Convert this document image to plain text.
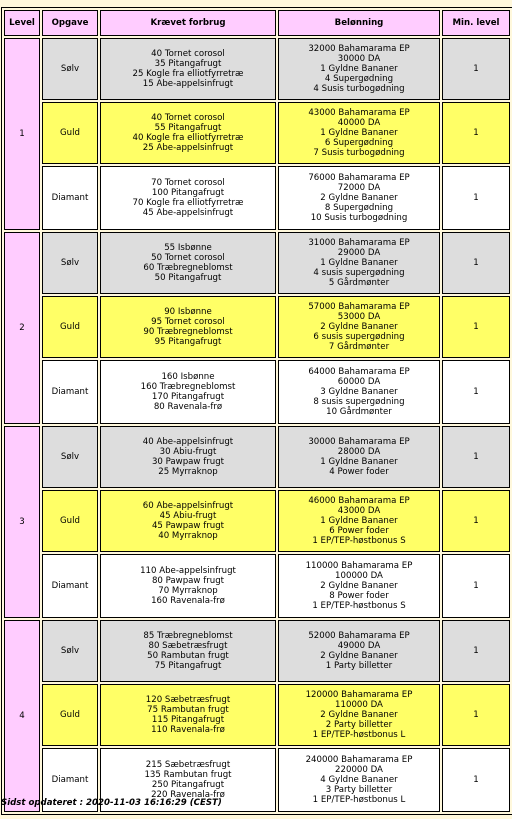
Level	Opgave	Krævet forbrug	Belønning	Min. level
1	Sølv	40 Tornet corosol
35 Pitangafrugt
25 Kogle fra elliotfyrretræ
15 Abe-appelsinfrugt	32000 Bahamarama EP
30000 DA
1 Gyldne Bananer
4 Supergødning
4 Susis turbogødning	1
	Guld	40 Tornet corosol
55 Pitangafrugt
40 Kogle fra elliotfyrretræ
25 Abe-appelsinfrugt	43000 Bahamarama EP
40000 DA
1 Gyldne Bananer
6 Supergødning
7 Susis turbogødning	1
	Diamant	70 Tornet corosol
100 Pitangafrugt
70 Kogle fra elliotfyrretræ
45 Abe-appelsinfrugt	76000 Bahamarama EP
72000 DA
2 Gyldne Bananer
8 Supergødning
10 Susis turbogødning	1
2	Sølv	55 Isbønne
50 Tornet corosol
60 Træbregneblomst
50 Pitangafrugt	31000 Bahamarama EP
29000 DA
1 Gyldne Bananer
4 susis supergødning
5 Gårdmønter	1
	Guld	90 Isbønne
95 Tornet corosol
90 Træbregneblomst
95 Pitangafrugt	57000 Bahamarama EP
53000 DA
2 Gyldne Bananer
6 susis supergødning
7 Gårdmønter	1
	Diamant	160 Isbønne
160 Træbregneblomst
170 Pitangafrugt
80 Ravenala-frø	64000 Bahamarama EP
60000 DA
3 Gyldne Bananer
8 susis supergødning
10 Gårdmønter	1
3	Sølv	40 Abe-appelsinfrugt
30 Abiu-frugt
30 Pawpaw frugt
25 Myrraknop	30000 Bahamarama EP
28000 DA
1 Gyldne Bananer
4 Power foder	1
	Guld	60 Abe-appelsinfrugt
45 Abiu-frugt
45 Pawpaw frugt
40 Myrraknop	46000 Bahamarama EP
43000 DA
1 Gyldne Bananer
6 Power foder
1 EP/TEP-høstbonus S	1
	Diamant	110 Abe-appelsinfrugt
80 Pawpaw frugt
70 Myrraknop
160 Ravenala-frø	110000 Bahamarama EP
100000 DA
2 Gyldne Bananer
8 Power foder
1 EP/TEP-høstbonus S	1
4	Sølv	85 Træbregneblomst
80 Sæbetræsfrugt
50 Rambutan frugt
75 Pitangafrugt	52000 Bahamarama EP
49000 DA
2 Gyldne Bananer
1 Party billetter	1
	Guld	120 Sæbetræsfrugt
75 Rambutan frugt
115 Pitangafrugt
110 Ravenala-frø	120000 Bahamarama EP
110000 DA
2 Gyldne Bananer
2 Party billetter
1 EP/TEP-høstbonus L	1
	Diamant	215 Sæbetræsfrugt
135 Rambutan frugt
250 Pitangafrugt
220 Ravenala-frø	240000 Bahamarama EP
220000 DA
4 Gyldne Bananer
3 Party billetter
1 EP/TEP-høstbonus L	1
Sidst opdateret : 2020-11-03 16:16:29 (CEST)
